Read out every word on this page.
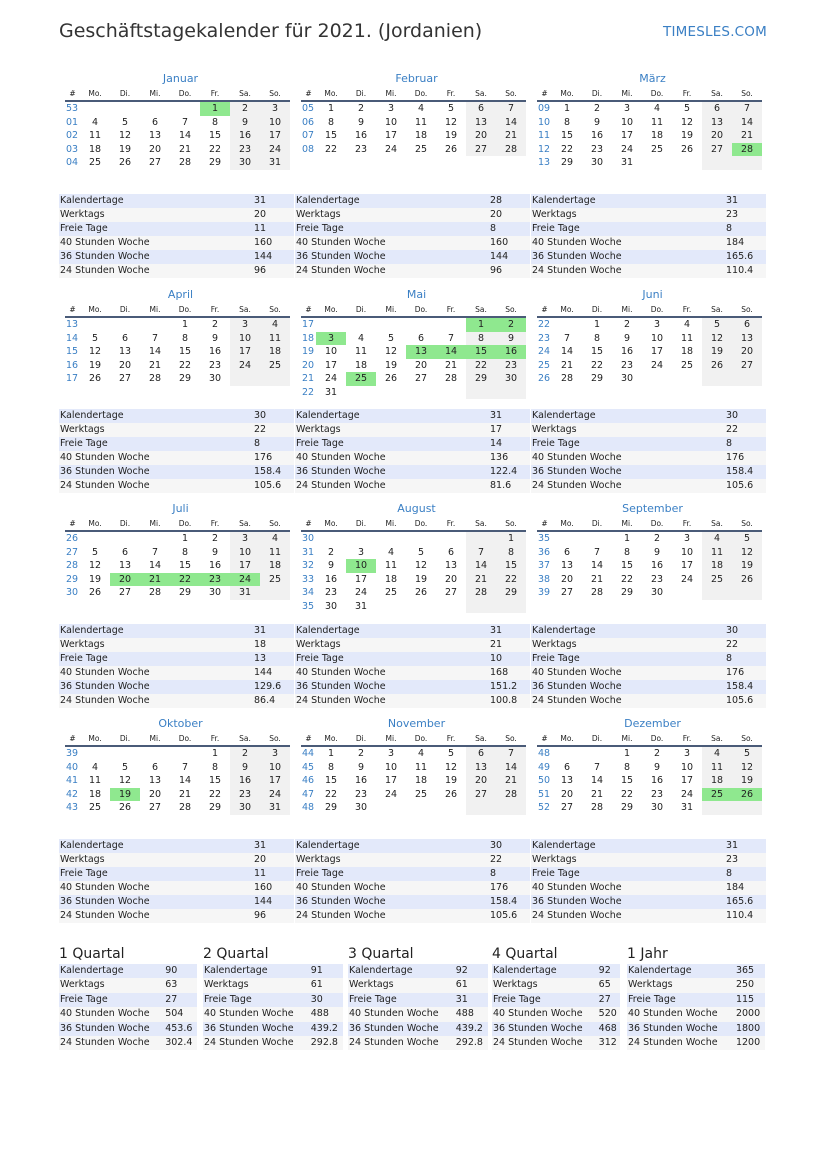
Geschäftstagekalender für 2021. (Jordanien)	TIMESLES.COM
Januar
#	Mo.	Di.	Mi.	Do.	Fr.	Sa.	So.
53					1	2	3
01	4	5	6	7	8	9	10
02	11	12	13	14	15	16	17
03	18	19	20	21	22	23	24
04	25	26	27	28	29	30	31
Kalendertage	31
Werktags	20
Freie Tage	11
40 Stunden Woche	160
36 Stunden Woche	144
24 Stunden Woche	96
Februar
#	Mo.	Di.	Mi.	Do.	Fr.	Sa.	So.
05	1	2	3	4	5	6	7
06	8	9	10	11	12	13	14
07	15	16	17	18	19	20	21
08	22	23	24	25	26	27	28
Kalendertage	28
Werktags	20
Freie Tage	8
40 Stunden Woche	160
36 Stunden Woche	144
24 Stunden Woche	96
März
#	Mo.	Di.	Mi.	Do.	Fr.	Sa.	So.
09	1	2	3	4	5	6	7
10	8	9	10	11	12	13	14
11	15	16	17	18	19	20	21
12	22	23	24	25	26	27	28
13	29	30	31				
Kalendertage	31
Werktags	23
Freie Tage	8
40 Stunden Woche	184
36 Stunden Woche	165.6
24 Stunden Woche	110.4
April
#	Mo.	Di.	Mi.	Do.	Fr.	Sa.	So.
13				1	2	3	4
14	5	6	7	8	9	10	11
15	12	13	14	15	16	17	18
16	19	20	21	22	23	24	25
17	26	27	28	29	30		
Kalendertage	30
Werktags	22
Freie Tage	8
40 Stunden Woche	176
36 Stunden Woche	158.4
24 Stunden Woche	105.6
Mai
#	Mo.	Di.	Mi.	Do.	Fr.	Sa.	So.
17						1	2
18	3	4	5	6	7	8	9
19	10	11	12	13	14	15	16
20	17	18	19	20	21	22	23
21	24	25	26	27	28	29	30
22	31						
Kalendertage	31
Werktags	17
Freie Tage	14
40 Stunden Woche	136
36 Stunden Woche	122.4
24 Stunden Woche	81.6
Juni
#	Mo.	Di.	Mi.	Do.	Fr.	Sa.	So.
22		1	2	3	4	5	6
23	7	8	9	10	11	12	13
24	14	15	16	17	18	19	20
25	21	22	23	24	25	26	27
26	28	29	30				
Kalendertage	30
Werktags	22
Freie Tage	8
40 Stunden Woche	176
36 Stunden Woche	158.4
24 Stunden Woche	105.6
Juli
#	Mo.	Di.	Mi.	Do.	Fr.	Sa.	So.
26				1	2	3	4
27	5	6	7	8	9	10	11
28	12	13	14	15	16	17	18
29	19	20	21	22	23	24	25
30	26	27	28	29	30	31	
Kalendertage	31
Werktags	18
Freie Tage	13
40 Stunden Woche	144
36 Stunden Woche	129.6
24 Stunden Woche	86.4
August
#	Mo.	Di.	Mi.	Do.	Fr.	Sa.	So.
30							1
31	2	3	4	5	6	7	8
32	9	10	11	12	13	14	15
33	16	17	18	19	20	21	22
34	23	24	25	26	27	28	29
35	30	31					
Kalendertage	31
Werktags	21
Freie Tage	10
40 Stunden Woche	168
36 Stunden Woche	151.2
24 Stunden Woche	100.8
September
#	Mo.	Di.	Mi.	Do.	Fr.	Sa.	So.
35			1	2	3	4	5
36	6	7	8	9	10	11	12
37	13	14	15	16	17	18	19
38	20	21	22	23	24	25	26
39	27	28	29	30			
Kalendertage	30
Werktags	22
Freie Tage	8
40 Stunden Woche	176
36 Stunden Woche	158.4
24 Stunden Woche	105.6
Oktober
#	Mo.	Di.	Mi.	Do.	Fr.	Sa.	So.
39					1	2	3
40	4	5	6	7	8	9	10
41	11	12	13	14	15	16	17
42	18	19	20	21	22	23	24
43	25	26	27	28	29	30	31
Kalendertage	31
Werktags	20
Freie Tage	11
40 Stunden Woche	160
36 Stunden Woche	144
24 Stunden Woche	96
November
#	Mo.	Di.	Mi.	Do.	Fr.	Sa.	So.
44	1	2	3	4	5	6	7
45	8	9	10	11	12	13	14
46	15	16	17	18	19	20	21
47	22	23	24	25	26	27	28
48	29	30					
Kalendertage	30
Werktags	22
Freie Tage	8
40 Stunden Woche	176
36 Stunden Woche	158.4
24 Stunden Woche	105.6
Dezember
#	Mo.	Di.	Mi.	Do.	Fr.	Sa.	So.
48			1	2	3	4	5
49	6	7	8	9	10	11	12
50	13	14	15	16	17	18	19
51	20	21	22	23	24	25	26
52	27	28	29	30	31		
Kalendertage	31
Werktags	23
Freie Tage	8
40 Stunden Woche	184
36 Stunden Woche	165.6
24 Stunden Woche	110.4
1 Quartal
Kalendertage	90
Werktags	63
Freie Tage	27
40 Stunden Woche	504
36 Stunden Woche	453.6
24 Stunden Woche	302.4
2 Quartal
Kalendertage	91
Werktags	61
Freie Tage	30
40 Stunden Woche	488
36 Stunden Woche	439.2
24 Stunden Woche	292.8
3 Quartal
Kalendertage	92
Werktags	61
Freie Tage	31
40 Stunden Woche	488
36 Stunden Woche	439.2
24 Stunden Woche	292.8
4 Quartal
Kalendertage	92
Werktags	65
Freie Tage	27
40 Stunden Woche	520
36 Stunden Woche	468
24 Stunden Woche	312
1 Jahr
Kalendertage	365
Werktags	250
Freie Tage	115
40 Stunden Woche	2000
36 Stunden Woche	1800
24 Stunden Woche	1200
